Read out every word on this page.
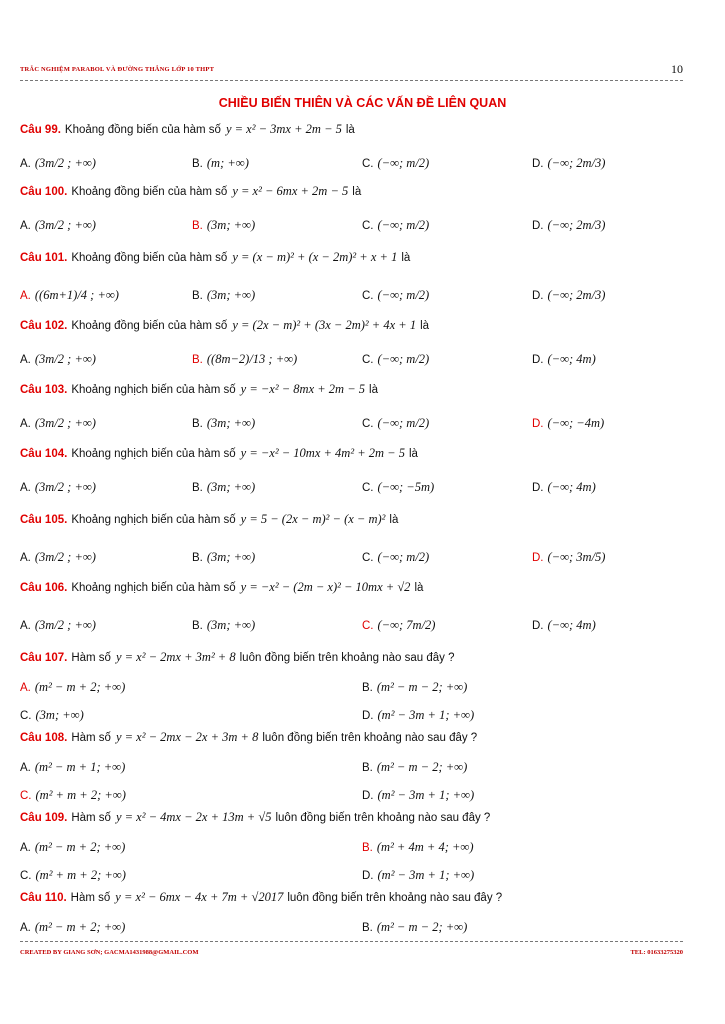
TRẮC NGHIỆM PARABOL VÀ ĐƯỜNG THẲNG LỚP 10 THPT	10
CHIỀU BIẾN THIÊN VÀ CÁC VẤN ĐỀ LIÊN QUAN
Câu 99. Khoảng đồng biến của hàm số y = x² − 3mx + 2m − 5 là
A. (3m/2 ; +∞)	B. (m; +∞)	C. (−∞; m/2)	D. (−∞; 2m/3)
Câu 100. Khoảng đồng biến của hàm số y = x² − 6mx + 2m − 5 là
A. (3m/2 ; +∞)	B. (3m; +∞)	C. (−∞; m/2)	D. (−∞; 2m/3)
Câu 101. Khoảng đồng biến của hàm số y = (x − m)² + (x − 2m)² + x + 1 là
A. ((6m+1)/4 ; +∞)	B. (3m; +∞)	C. (−∞; m/2)	D. (−∞; 2m/3)
Câu 102. Khoảng đồng biến của hàm số y = (2x − m)² + (3x − 2m)² + 4x + 1 là
A. (3m/2 ; +∞)	B. ((8m−2)/13 ; +∞)	C. (−∞; m/2)	D. (−∞; 4m)
Câu 103. Khoảng nghịch biến của hàm số y = −x² − 8mx + 2m − 5 là
A. (3m/2 ; +∞)	B. (3m; +∞)	C. (−∞; m/2)	D. (−∞; −4m)
Câu 104. Khoảng nghịch biến của hàm số y = −x² − 10mx + 4m² + 2m − 5 là
A. (3m/2 ; +∞)	B. (3m; +∞)	C. (−∞; −5m)	D. (−∞; 4m)
Câu 105. Khoảng nghịch biến của hàm số y = 5 − (2x − m)² − (x − m)² là
A. (3m/2 ; +∞)	B. (3m; +∞)	C. (−∞; m/2)	D. (−∞; 3m/5)
Câu 106. Khoảng nghịch biến của hàm số y = −x² − (2m − x)² − 10mx + √2 là
A. (3m/2 ; +∞)	B. (3m; +∞)	C. (−∞; 7m/2)	D. (−∞; 4m)
Câu 107. Hàm số y = x² − 2mx + 3m² + 8 luôn đồng biến trên khoảng nào sau đây ?
A. (m² − m + 2; +∞)	B. (m² − m − 2; +∞)
C. (3m; +∞)	D. (m² − 3m + 1; +∞)
Câu 108. Hàm số y = x² − 2mx − 2x + 3m + 8 luôn đồng biến trên khoảng nào sau đây ?
A. (m² − m + 1; +∞)	B. (m² − m − 2; +∞)
C. (m² + m + 2; +∞)	D. (m² − 3m + 1; +∞)
Câu 109. Hàm số y = x² − 4mx − 2x + 13m + √5 luôn đồng biến trên khoảng nào sau đây ?
A. (m² − m + 2; +∞)	B. (m² + 4m + 4; +∞)
C. (m² + m + 2; +∞)	D. (m² − 3m + 1; +∞)
Câu 110. Hàm số y = x² − 6mx − 4x + 7m + √2017 luôn đồng biến trên khoảng nào sau đây ?
A. (m² − m + 2; +∞)	B. (m² − m − 2; +∞)
CREATED BY GIANG SƠN; GACMA1431988@GMAIL.COM	TEL: 01633275320
